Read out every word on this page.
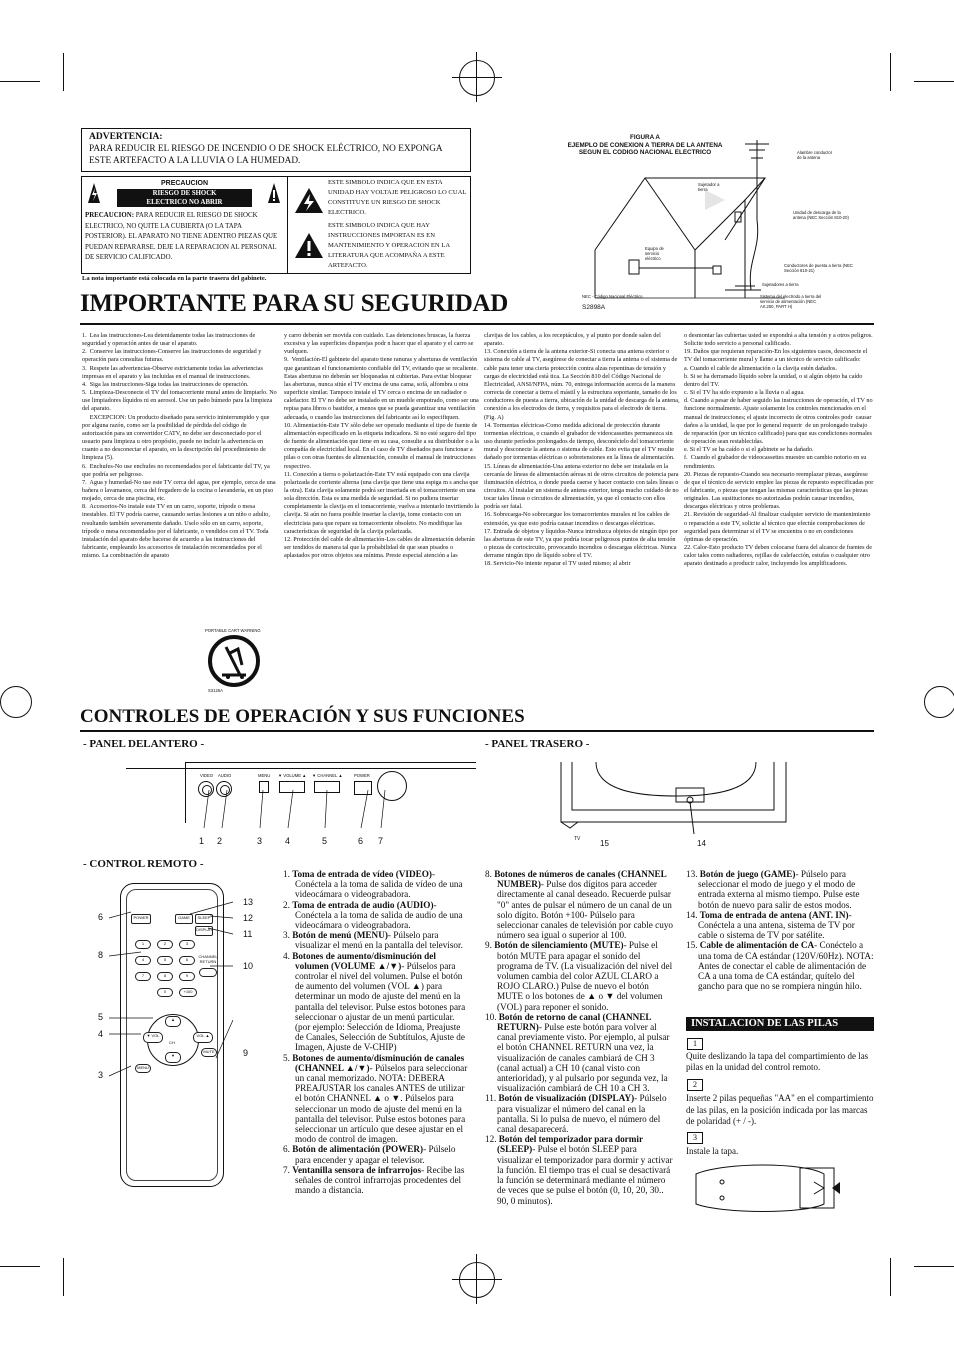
ADVERTENCIA:
PARA REDUCIR EL RIESGO DE INCENDIO O DE SHOCK ELÉCTRICO, NO EXPONGA ESTE ARTEFACTO A LA LLUVIA O LA HUMEDAD.
PRECAUCION
RIESGO DE SHOCK
ELECTRICO NO ABRIR
PRECAUCION: PARA REDUCIR EL RIESGO DE SHOCK ELECTRICO, NO QUITE LA CUBIERTA (O LA TAPA POSTERIOR). EL APARATO NO TIENE ADENTRO PIEZAS QUE PUEDAN REPARARSE. DEJE LA REPARACION AL PERSONAL DE SERVICIO CALIFICADO.
ESTE SIMBOLO INDICA QUE EN ESTA UNIDAD HAY VOLTAJE PELIGROSO LO CUAL CONSTITUYE UN RIESGO DE SHOCK ELECTRICO.
ESTE SIMBOLO INDICA QUE HAY INSTRUCCIONES IMPORTAN ES EN MANTENIMIENTO Y OPERACION EN LA LITERATURA QUE ACOMPAÑA A ESTE ARTEFACTO.
La nota importante está colocada en la parte trasera del gabinete.
FIGURA A
EJEMPLO DE CONEXION A TIERRA DE LA ANTENA
SEGUN EL CODIGO NACIONAL ELECTRICO	Alambre conductor de la antena
Sujetador a tierra
Unidad de descarga de la antena (NEC Sección 810-20)
Equipo de servicio eléctrico
Conductores de puesta a tierra (NEC Sección 810-21)
Sujetadores a tierra
NEC - Código Nacional Eléctrico	Sistema del electrodo a tierra del servicio de alimentación (NEC Art.250, PART H)
S2898A
IMPORTANTE PARA SU SEGURIDAD
1.  Lea las instrucciones-Lea detenidamente todas las instrucciones de seguridad y operación antes de usar el aparato.
2.  Conserve las instrucciones-Conserve las instrucciones de seguridad y operación para consultas futuras.
3.  Respete las advertencias-Observe estrictamente todas las advertencias impresas en el aparato y las incluidas en el manual de instrucciones.
4.  Siga las instrucciones-Siga todas las instrucciones de operación.
5.  Limpieza-Desconecte el TV del tomacorriente mural antes de limpiarlo. No use limpiadores líquidos ni en aerosol. Use un paño húmedo para la limpieza del aparato.
EXCEPCION: Un producto diseñado para servicio ininterrumpido y que por alguna razón, como ser la posibilidad de pérdida del código de autorización para un convertidor CATV, no debe ser desconectado por el usuario para limpieza u otro propósito, puede no incluir la advertencia en cuanto a no desconectar el aparato, en la descripción del procedimiento de limpieza (5).
6.  Enchufes-No use enchufes no recomendados por el fabricante del TV, ya que podría ser peligroso.
7.  Agua y humedad-No use este TV cerca del agua, por ejemplo, cerca de una bañera o lavamanos, cerca del fregadero de la cocina o lavandería, en un piso mojado, cerca de una piscina, etc.
8.  Accesorios-No instale este TV en un carro, soporte, trípode o mesa inestables. El TV podría caerse, causando serias lesiones a un niño o adulto, resultando también severamente dañado. Uselo sólo en un carro, soporte, trípode o mesa recomendados por el fabricante, o vendidos con el TV. Toda instalación del aparato debe hacerse de acuerdo a las instrucciones del fabricante, empleando los accesorios de instalación recomendados por el mismo. La combinación de aparato
y carro deberán ser movida con cuidado. Las detenciones bruscas, la fuerza excesiva y las superficies disparejas podr n hacer que el aparato y el carro se vuelquen.
9.  Ventilación-El gabinete del aparato tiene ranuras y aberturas de ventilación que garantizan el funcionamiento confiable del TV, evitando que se recaliente. Estas aberturas no deberán ser bloqueadas ni cubiertas. Para evitar bloquear las aberturas, nunca sitúe el TV encima de una cama, sofá, alfombra u otra superficie similar. Tampoco instale el TV cerca o encima de un radiador o calefactor. El TV no debe ser instalado en un mueble empotrado, como ser una repisa para libros o bastidor, a menos que se pueda garantizar una ventilación adecuada, o cuando las instrucciones del fabricante así lo especifiquen.
10. Alimentación-Este TV sólo debe ser operado mediante el tipo de fuente de alimentación especificado en la etiqueta indicadora. Si no esté seguro del tipo de fuente de alimentación que tiene en su casa, consulte a su distribuidor o a la compañía de electricidad local. En el caso de TV diseñados para funcionar a pilas o con otras fuentes de alimentación, consulte el manual de instrucciones respectivo.
11. Conexión a tierra o polarización-Este TV está equipado con una clavija polarizada de corriente alterna (una clavija que tiene una espiga m s ancha que la otra). Esta clavija solamente podrá ser insertada en el tomacorriente en una sola dirección. Esta es una medida de seguridad. Si no pudiera insertar completamente la clavija en el tomacorriente, vuelva a intentarlo invirtiendo la clavija. Si aún no fuera posible insertar la clavija, tome contacto con un electricista para que repare su tomacorriente obsoleto. No modifique las características de seguridad de la clavija polarizada.
12. Protección del cable de alimentación-Los cables de alimentación deberán ser tendidos de manera tal que la probabilidad de que sean pisados o aplastados por otros objetos sea mínima. Preste especial atención a las
clavijas de los cables, a los receptáculos, y al punto por donde salen del aparato.
13. Conexión a tierra de la antena exterior-Si conecta una antena exterior o sistema de cable al TV, asegúrese de conectar a tierra la antena o el sistema de cable para tener una cierta protección contra alzas repentinas de tensión y cargas de electricidad está tica. La Sección 810 del Código Nacional de Electricidad, ANSI/NFPA, núm. 70, entrega información acerca de la manera correcta de conectar a tierra el mástil y la estructura soportante, tamaño de los conductores de puesta a tierra, ubicación de la unidad de descarga de la antena, conexión a los electrodos de tierra, y requisitos para el electrodo de tierra. (Fig. A)
14. Tormentas eléctricas-Como medida adicional de protección durante tormentas eléctricas, o cuando el grabador de videocassettes permanezca sin uso durante períodos prolongados de tiempo, desconéctelo del tomacorriente mural y desconecte la antena o sistema de cable. Esto evita que el TV resulte dañado por tormentas eléctricas o sobretensiones en la línea de alimentación.
15. Líneas de alimentación-Una antena exterior no debe ser instalada en la cercanía de líneas de alimentación aéreas ni de otros circuitos de potencia para iluminación eléctrica, o donde pueda caerse y hacer contacto con tales líneas o circuitos. Al instalar un sistema de antena exterior, tenga mucho cuidado de no tocar tales líneas o circuitos de alimentación, ya que el contacto con ellos podría ser fatal.
16. Sobrecarga-No sobrecargue los tomacorrientes murales ni los cables de extensión, ya que esto podría causar incendios o descargas eléctricas.
17. Entrada de objetos y líquidos-Nunca introduzca objetos de ningún tipo por las aberturas de este TV, ya que podría tocar peligrosos puntos de alta tensión o piezas de cortocircuito, provocando incendios o descargas eléctricas. Nunca derrame ningún tipo de líquido sobre el TV.
18. Servicio-No intente reparar el TV usted mismo; al abrir
o desmontar las cubiertas usted se expondrá a alta tensión y a otros peligros. Solicite todo servicio a personal calificado.
19. Daños que requieran reparación-En los siguientes casos, desconecte el TV del tomacorriente mural y llame a un técnico de servicio calificado:
a. Cuando el cable de alimentación o la clavija estén dañados.
b. Si se ha derramado líquido sobre la unidad, o si algún objeto ha caído dentro del TV.
c. Si el TV ha sido expuesto a la lluvia o al agua.
d. Cuando a pesar de haber seguido las instrucciones de operación, el TV no funcione normalmente. Ajuste solamente los controles mencionados en el manual de instrucciones; el ajuste incorrecto de otros controles podr  causar daños a la unidad, la que por lo general requerir  de un prolongado trabajo de reparación (por un técnico calificado) para que sus condiciones normales de operación sean restablecidas.
e. Si el TV se ha caído o si el gabinete se ha dañado.
f.  Cuando el grabador de videocassettes muestre un cambio notorio en su rendimiento.
20. Piezas de repuesto-Cuando sea necesario reemplazar piezas, asegúrese de que el técnico de servicio emplee las piezas de repuesto especificadas por el fabricante, o piezas que tengan las mismas características que las piezas originales. Las sustituciones no autorizadas podrán causar incendios, descargas eléctricas y otros problemas.
21. Revisión de seguridad-Al finalizar cualquier servicio de mantenimiento o reparación a este TV, solicite al técnico que efectúe comprobaciones de seguridad para determinar si el TV se encuentra o no en condiciones óptimas de operación.
22. Calor-Esto producto TV deben colocarse fuera del alcance de fuentes de calor tales como radiadores, rejillas de calefacción, estufas o cualquier otro aparato destinado a producir calor, incluyendo los amplificadores.
PORTABLE CART WARNING
S3126A
CONTROLES DE OPERACIÓN Y SUS FUNCIONES
- PANEL DELANTERO -	- PANEL TRASERO -
VIDEO AUDIO	MENU ▼ VOLUME ▲ ▼ CHANNEL ▲	POWER
1 2	3	4	5	6 7	TV 15	14
- CONTROL REMOTO -
POWER	GAME	SLEEP
DISPLAY
1	2	3
4	5	6
7	8	9
0	+100
CHANNEL RETURN
▲
▼
▼ VOL	VOL ▲
CH
MUTE
MENU
13
12
11
10
9
6
8
5
4
3

1. Toma de entrada de vídeo (VIDEO)- Conéctela a la toma de salida de vídeo de una videocámara o videograbadora.

2. Toma de entrada de audio (AUDIO)- Conéctela a la toma de salida de audio de una videocámara o videograbadora.

3. Botón de menú (MENU)- Púlselo para visualizar el menú en la pantalla del televisor.

4. Botones de aumento/disminución del volumen (VOLUME ▲/▼)- Púlselos para controlar el nivel del volumen. Pulse el botón de aumento del volumen (VOL ▲) para determinar un modo de ajuste del menú en la pantalla del televisor. Pulse estos botones para seleccionar o ajustar de un menú particular. (por ejemplo: Selección de Idioma, Preajuste de Canales, Selección de Subtítulos, Ajuste de Imagen, Ajuste de V-CHIP)

5. Botones de aumento/disminución de canales (CHANNEL ▲/▼)- Púlselos para seleccionar un canal memorizado. NOTA: DEBERA PREAJUSTAR los canales ANTES de utilizar el botón CHANNEL ▲ o ▼. Púlselos para seleccionar un modo de ajuste del menú en la pantalla del televisor. Pulse estos botones para seleccionar un artículo que desee ajustar en el modo de control de imagen.

6. Botón de alimentación (POWER)- Púlselo para encender y apagar el televisor.

7. Ventanilla sensora de infrarrojos- Recibe las señales de control infrarrojas procedentes del mando a distancia.

8. Botones de números de canales (CHANNEL NUMBER)- Pulse dos dígitos para acceder directamente al canal deseado. Recuerde pulsar "0" antes de pulsar el número de un canal de un solo dígito. Botón +100- Púlselo para seleccionar canales de televisión por cable cuyo número sea igual o superior al 100.

9. Botón de silenciamiento (MUTE)- Pulse el botón MUTE para apagar el sonido del programa de TV. (La visualización del nivel del volumen cambia del color AZUL CLARO a ROJO CLARO.) Pulse de nuevo el botón MUTE o los botones de ▲ o ▼ del volumen (VOL) para reponer el sonido.

10. Botón de retorno de canal (CHANNEL RETURN)- Pulse este botón para volver al canal previamente visto. Por ejemplo, al pulsar el botón CHANNEL RETURN una vez, la visualización de canales cambiará de CH 3 (canal actual) a CH 10 (canal visto con anterioridad), y al pulsarlo por segunda vez, la visualización cambiará de CH 10 a CH 3.

11. Botón de visualización (DISPLAY)- Púlselo para visualizar el número del canal en la pantalla. Si lo pulsa de nuevo, el número del canal desaparecerá.

12. Botón del temporizador para dormir (SLEEP)- Pulse el botón SLEEP para visualizar el temporizador para dormir y activar la función. El tiempo tras el cual se desactivará la función se determinará mediante el número de veces que se pulse el botón (0, 10, 20, 30.. 90, 0 minutos).

13. Botón de juego (GAME)- Púlselo para seleccionar el modo de juego y el modo de entrada externa al mismo tiempo. Pulse este botón de nuevo para salir de estos modos.

14. Toma de entrada de antena (ANT. IN)- Conéctela a una antena, sistema de TV por cable o sistema de TV por satélite.

15. Cable de alimentación de CA- Conéctelo a una toma de CA estándar (120V/60Hz). NOTA: Antes de conectar el cable de alimentación de CA a una toma de CA estándar, quítelo del gancho para que no se rompiera ningún hilo.

INSTALACION DE LAS PILAS
1
Quite deslizando la tapa del compartimiento de las pilas en la unidad del control remoto.
2
Inserte 2 pilas pequeñas "AA" en el compartimiento de las pilas, en la posición indicada por las marcas de polaridad (+ / -).
3
Instale la tapa.
